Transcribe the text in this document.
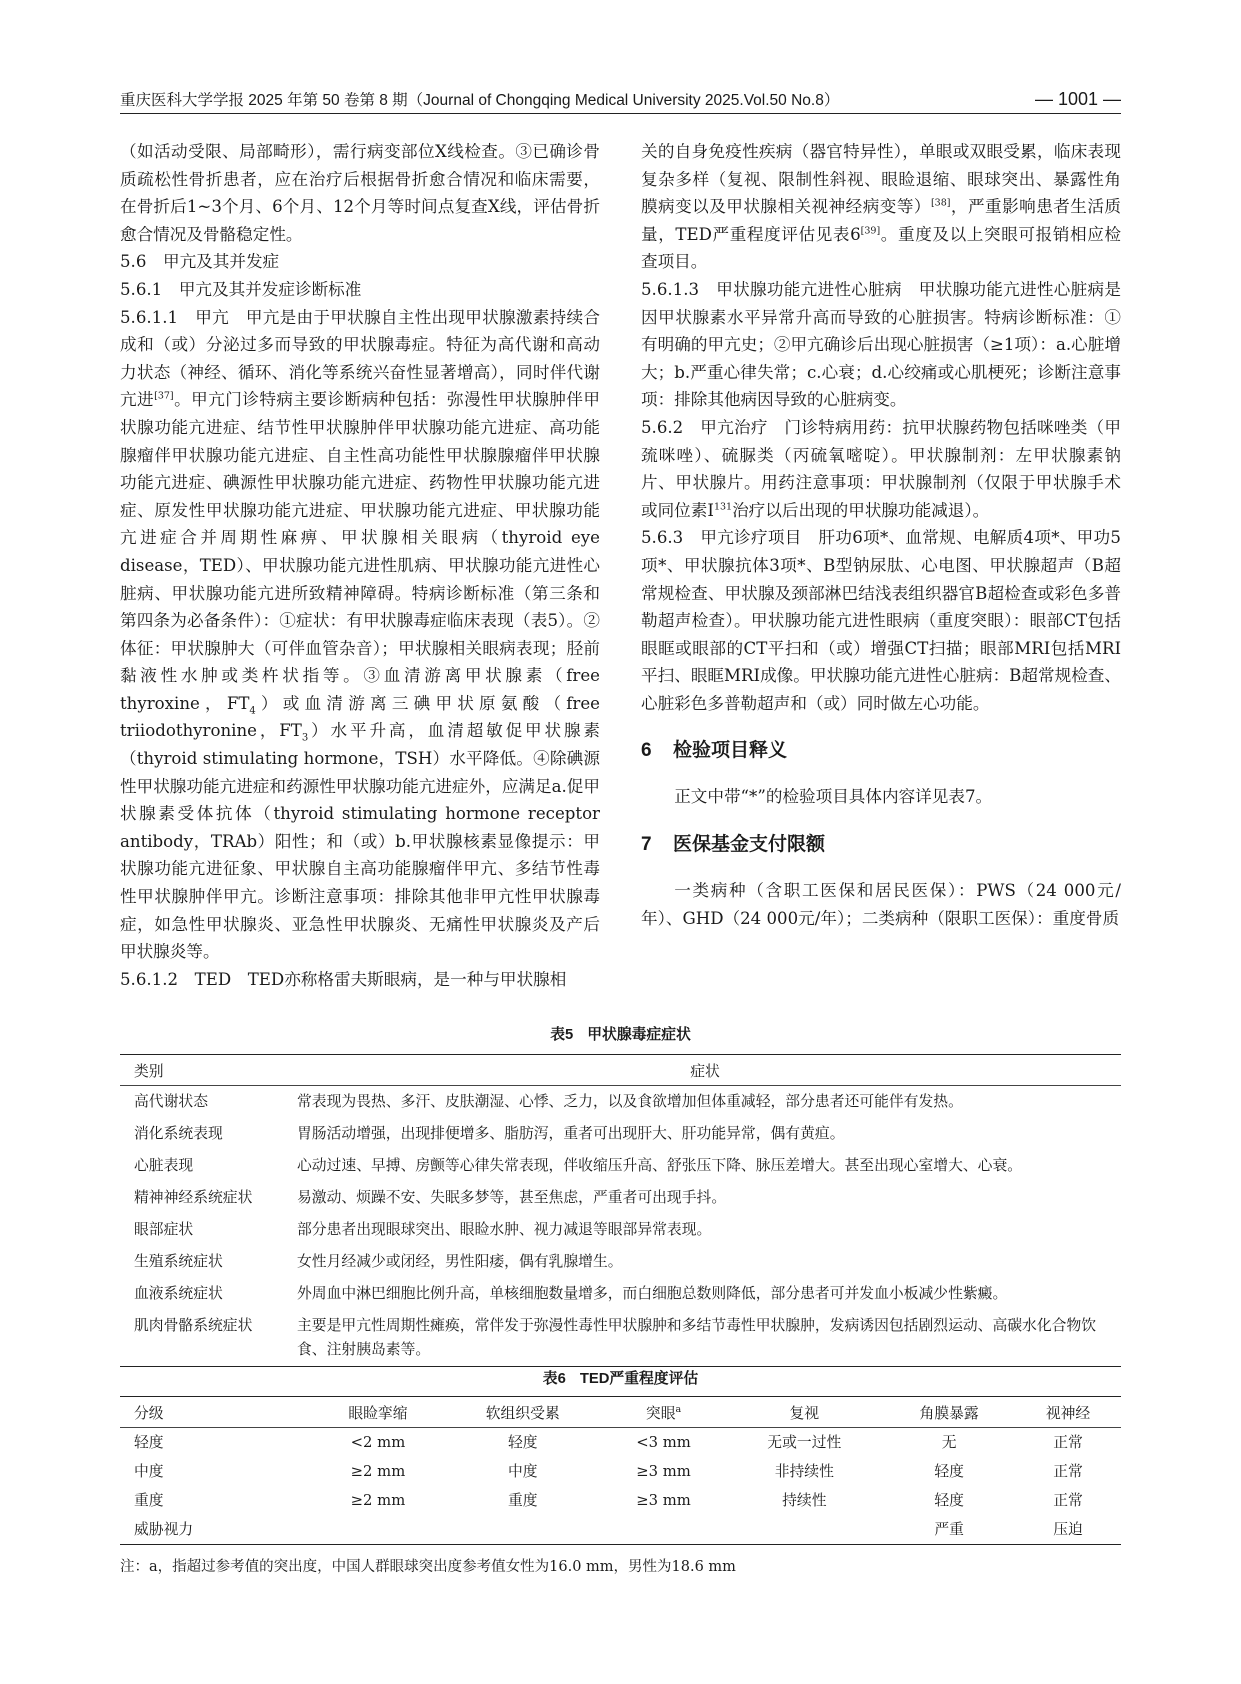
重庆医科大学学报 2025 年第 50 卷第 8 期（Journal of Chongqing Medical University 2025.Vol.50 No.8）	— 1001 —

（如活动受限、局部畸形），需行病变部位X线检查。③已确诊骨质疏松性骨折患者，应在治疗后根据骨折愈合情况和临床需要，在骨折后1~3个月、6个月、12个月等时间点复查X线，评估骨折愈合情况及骨骼稳定性。

5.6　甲亢及其并发症

5.6.1　甲亢及其并发症诊断标准

5.6.1.1　甲亢　甲亢是由于甲状腺自主性出现甲状腺激素持续合成和（或）分泌过多而导致的甲状腺毒症。特征为高代谢和高动力状态（神经、循环、消化等系统兴奋性显著增高），同时伴代谢亢进[37]。甲亢门诊特病主要诊断病种包括：弥漫性甲状腺肿伴甲状腺功能亢进症、结节性甲状腺肿伴甲状腺功能亢进症、高功能腺瘤伴甲状腺功能亢进症、自主性高功能性甲状腺腺瘤伴甲状腺功能亢进症、碘源性甲状腺功能亢进症、药物性甲状腺功能亢进症、原发性甲状腺功能亢进症、甲状腺功能亢进症、甲状腺功能亢进症合并周期性麻痹、甲状腺相关眼病（thyroid eye disease，TED）、甲状腺功能亢进性肌病、甲状腺功能亢进性心脏病、甲状腺功能亢进所致精神障碍。特病诊断标准（第三条和第四条为必备条件）：①症状：有甲状腺毒症临床表现（表5）。②体征：甲状腺肿大（可伴血管杂音）；甲状腺相关眼病表现；胫前黏液性水肿或类杵状指等。③血清游离甲状腺素（free thyroxine，$FT_4$）或血清游离三碘甲状原氨酸（free triiodothyronine，$FT_3$）水平升高，血清超敏促甲状腺素（thyroid stimulating hormone，TSH）水平降低。④除碘源性甲状腺功能亢进症和药源性甲状腺功能亢进症外，应满足a.促甲状腺素受体抗体（thyroid stimulating hormone receptor antibody，TRAb）阳性；和（或）b.甲状腺核素显像提示：甲状腺功能亢进征象、甲状腺自主高功能腺瘤伴甲亢、多结节性毒性甲状腺肿伴甲亢。诊断注意事项：排除其他非甲亢性甲状腺毒症，如急性甲状腺炎、亚急性甲状腺炎、无痛性甲状腺炎及产后甲状腺炎等。

5.6.1.2　TED　TED亦称格雷夫斯眼病，是一种与甲状腺相

关的自身免疫性疾病（器官特异性），单眼或双眼受累，临床表现复杂多样（复视、限制性斜视、眼睑退缩、眼球突出、暴露性角膜病变以及甲状腺相关视神经病变等）[38]，严重影响患者生活质量，TED严重程度评估见表6[39]。重度及以上突眼可报销相应检查项目。

5.6.1.3　甲状腺功能亢进性心脏病　甲状腺功能亢进性心脏病是因甲状腺素水平异常升高而导致的心脏损害。特病诊断标准：①有明确的甲亢史；②甲亢确诊后出现心脏损害（≥1项）：a.心脏增大；b.严重心律失常；c.心衰；d.心绞痛或心肌梗死；诊断注意事项：排除其他病因导致的心脏病变。

5.6.2　甲亢治疗　门诊特病用药：抗甲状腺药物包括咪唑类（甲巯咪唑）、硫脲类（丙硫氧嘧啶）。甲状腺制剂：左甲状腺素钠片、甲状腺片。用药注意事项：甲状腺制剂（仅限于甲状腺手术或同位素I$^{131}$治疗以后出现的甲状腺功能减退）。

5.6.3　甲亢诊疗项目　肝功6项*、血常规、电解质4项*、甲功5项*、甲状腺抗体3项*、B型钠尿肽、心电图、甲状腺超声（B超常规检查、甲状腺及颈部淋巴结浅表组织器官B超检查或彩色多普勒超声检查）。甲状腺功能亢进性眼病（重度突眼）：眼部CT包括眼眶或眼部的CT平扫和（或）增强CT扫描；眼部MRI包括MRI平扫、眼眶MRI成像。甲状腺功能亢进性心脏病：B超常规检查、心脏彩色多普勒超声和（或）同时做左心功能。

6 检验项目释义

正文中带“*”的检验项目具体内容详见表7。

7 医保基金支付限额

一类病种（含职工医保和居民医保）：PWS（24 000元/年）、GHD（24 000元/年）；二类病种（限职工医保）：重度骨质

表5 甲状腺毒症症状
类别	症状
高代谢状态	常表现为畏热、多汗、皮肤潮湿、心悸、乏力，以及食欲增加但体重减轻，部分患者还可能伴有发热。
消化系统表现	胃肠活动增强，出现排便增多、脂肪泻，重者可出现肝大、肝功能异常，偶有黄疸。
心脏表现	心动过速、早搏、房颤等心律失常表现，伴收缩压升高、舒张压下降、脉压差增大。甚至出现心室增大、心衰。
精神神经系统症状	易激动、烦躁不安、失眠多梦等，甚至焦虑，严重者可出现手抖。
眼部症状	部分患者出现眼球突出、眼睑水肿、视力减退等眼部异常表现。
生殖系统症状	女性月经减少或闭经，男性阳痿，偶有乳腺增生。
血液系统症状	外周血中淋巴细胞比例升高，单核细胞数量增多，而白细胞总数则降低，部分患者可并发血小板减少性紫癜。
肌肉骨骼系统症状	主要是甲亢性周期性瘫痪，常伴发于弥漫性毒性甲状腺肿和多结节毒性甲状腺肿，发病诱因包括剧烈运动、高碳水化合物饮食、注射胰岛素等。
表6 TED严重程度评估
分级	眼睑挛缩	软组织受累	突眼$^a$	复视	角膜暴露	视神经
轻度	<2 mm	轻度	<3 mm	无或一过性	无	正常
中度	≥2 mm	中度	≥3 mm	非持续性	轻度	正常
重度	≥2 mm	重度	≥3 mm	持续性	轻度	正常
威胁视力					严重	压迫
注：a，指超过参考值的突出度，中国人群眼球突出度参考值女性为16.0 mm，男性为18.6 mm
